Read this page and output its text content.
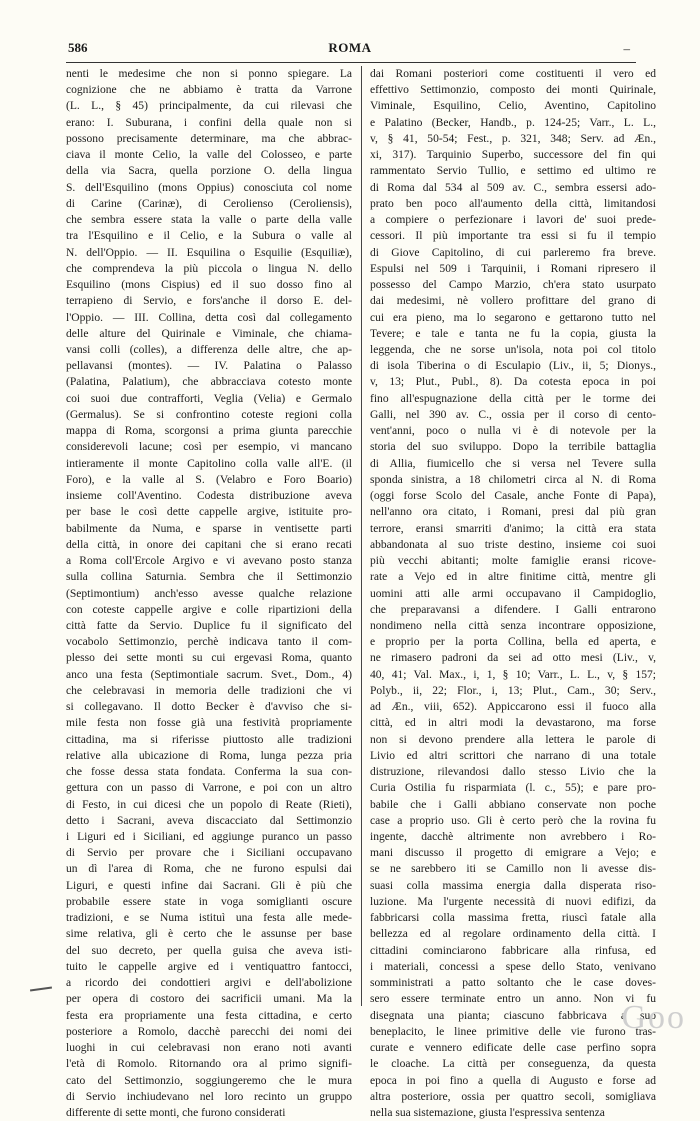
586	ROMA	–
nenti le medesime che non si ponno spiegare. La
cognizione che ne abbiamo è tratta da Varrone
(L. L., § 45) principalmente, da cui rilevasi che
erano: I. Suburana, i confini della quale non si
possono precisamente determinare, ma che abbrac-
ciava il monte Celio, la valle del Colosseo, e parte
della via Sacra, quella porzione O. della lingua
S. dell'Esquilino (mons Oppius) conosciuta col nome
di Carine (Carinæ), di Cerolienso (Ceroliensis),
che sembra essere stata la valle o parte della valle
tra l'Esquilino e il Celio, e la Subura o valle al
N. dell'Oppio. — II. Esquilina o Esquilie (Esquiliæ),
che comprendeva la più piccola o lingua N. dello
Esquilino (mons Cispius) ed il suo dosso fino al
terrapieno di Servio, e fors'anche il dorso E. del-
l'Oppio. — III. Collina, detta così dal collegamento
delle alture del Quirinale e Viminale, che chiama-
vansi colli (colles), a differenza delle altre, che ap-
pellavansi (montes). — IV. Palatina o Palasso
(Palatina, Palatium), che abbracciava cotesto monte
coi suoi due contrafforti, Veglia (Velia) e Germalo
(Germalus). Se si confrontino coteste regioni colla
mappa di Roma, scorgonsi a prima giunta parecchie
considerevoli lacune; così per esempio, vi mancano
intieramente il monte Capitolino colla valle all'E. (il
Foro), e la valle al S. (Velabro e Foro Boario)
insieme coll'Aventino. Codesta distribuzione aveva
per base le così dette cappelle argive, istituite pro-
babilmente da Numa, e sparse in ventisette parti
della città, in onore dei capitani che si erano recati
a Roma coll'Ercole Argivo e vi avevano posto stanza
sulla collina Saturnia. Sembra che il Settimonzio
(Septimontium) anch'esso avesse qualche relazione
con coteste cappelle argive e colle ripartizioni della
città fatte da Servio. Duplice fu il significato del
vocabolo Settimonzio, perchè indicava tanto il com-
plesso dei sette monti su cui ergevasi Roma, quanto
anco una festa (Septimontiale sacrum. Svet., Dom., 4)
che celebravasi in memoria delle tradizioni che vi
si collegavano. Il dotto Becker è d'avviso che si-
mile festa non fosse già una festività propriamente
cittadina, ma si riferisse piuttosto alle tradizioni
relative alla ubicazione di Roma, lunga pezza pria
che fosse dessa stata fondata. Conferma la sua con-
gettura con un passo di Varrone, e poi con un altro
di Festo, in cui dicesi che un popolo di Reate (Rieti),
detto i Sacrani, aveva discacciato dal Settimonzio
i Liguri ed i Siciliani, ed aggiunge puranco un passo
di Servio per provare che i Siciliani occupavano
un dì l'area di Roma, che ne furono espulsi dai
Liguri, e questi infine dai Sacrani. Gli è più che
probabile essere state in voga somiglianti oscure
tradizioni, e se Numa istituì una festa alle mede-
sime relativa, gli è certo che le assunse per base
del suo decreto, per quella guisa che aveva isti-
tuito le cappelle argive ed i ventiquattro fantocci,
a ricordo dei condottieri argivi e dell'abolizione
per opera di costoro dei sacrificii umani. Ma la
festa era propriamente una festa cittadina, e certo
posteriore a Romolo, dacchè parecchi dei nomi dei
luoghi in cui celebravasi non erano noti avanti
l'età di Romolo. Ritornando ora al primo signifi-
cato del Settimonzio, soggiungeremo che le mura
di Servio inchiudevano nel loro recinto un gruppo
differente di sette monti, che furono considerati
dai Romani posteriori come costituenti il vero ed
effettivo Settimonzio, composto dei monti Quirinale,
Viminale, Esquilino, Celio, Aventino, Capitolino
e Palatino (Becker, Handb., p. 124-25; Varr., L. L.,
v, § 41, 50-54; Fest., p. 321, 348; Serv. ad Æn.,
xi, 317). Tarquinio Superbo, successore del fin qui
rammentato Servio Tullio, e settimo ed ultimo re
di Roma dal 534 al 509 av. C., sembra essersi ado-
prato ben poco all'aumento della città, limitandosi
a compiere o perfezionare i lavori de' suoi prede-
cessori. Il più importante tra essi si fu il tempio
di Giove Capitolino, di cui parleremo fra breve.
Espulsi nel 509 i Tarquinii, i Romani ripresero il
possesso del Campo Marzio, ch'era stato usurpato
dai medesimi, nè vollero profittare del grano di
cui era pieno, ma lo segarono e gettarono tutto nel
Tevere; e tale e tanta ne fu la copia, giusta la
leggenda, che ne sorse un'isola, nota poi col titolo
di isola Tiberina o di Esculapio (Liv., ii, 5; Dionys.,
v, 13; Plut., Publ., 8). Da cotesta epoca in poi
fino all'espugnazione della città per le torme dei
Galli, nel 390 av. C., ossia per il corso di cento-
vent'anni, poco o nulla vi è di notevole per la
storia del suo sviluppo. Dopo la terribile battaglia
di Allia, fiumicello che si versa nel Tevere sulla
sponda sinistra, a 18 chilometri circa al N. di Roma
(oggi forse Scolo del Casale, anche Fonte di Papa),
nell'anno ora citato, i Romani, presi dal più gran
terrore, eransi smarriti d'animo; la città era stata
abbandonata al suo triste destino, insieme coi suoi
più vecchi abitanti; molte famiglie eransi ricove-
rate a Vejo ed in altre finitime città, mentre gli
uomini atti alle armi occupavano il Campidoglio,
che preparavansi a difendere. I Galli entrarono
nondimeno nella città senza incontrare opposizione,
e proprio per la porta Collina, bella ed aperta, e
ne rimasero padroni da sei ad otto mesi (Liv., v,
40, 41; Val. Max., i, 1, § 10; Varr., L. L., v, § 157;
Polyb., ii, 22; Flor., i, 13; Plut., Cam., 30; Serv.,
ad Æn., viii, 652). Appiccarono essi il fuoco alla
città, ed in altri modi la devastarono, ma forse
non si devono prendere alla lettera le parole di
Livio ed altri scrittori che narrano di una totale
distruzione, rilevandosi dallo stesso Livio che la
Curia Ostilia fu risparmiata (l. c., 55); e pare pro-
babile che i Galli abbiano conservate non poche
case a proprio uso. Gli è certo però che la rovina fu
ingente, dacchè altrimente non avrebbero i Ro-
mani discusso il progetto di emigrare a Vejo; e
se ne sarebbero iti se Camillo non li avesse dis-
suasi colla massima energia dalla disperata riso-
luzione. Ma l'urgente necessità di nuovi edifizi, da
fabbricarsi colla massima fretta, riuscì fatale alla
bellezza ed al regolare ordinamento della città. I
cittadini cominciarono fabbricare alla rinfusa, ed
i materiali, concessi a spese dello Stato, venivano
somministrati a patto soltanto che le case doves-
sero essere terminate entro un anno. Non vi fu
disegnata una pianta; ciascuno fabbricava a suo
beneplacito, le linee primitive delle vie furono tras-
curate e vennero edificate delle case perfino sopra
le cloache. La città per conseguenza, da questa
epoca in poi fino a quella di Augusto e forse ad
altra posteriore, ossia per quattro secoli, somigliava
nella sua sistemazione, giusta l'espressiva sentenza
Goo
